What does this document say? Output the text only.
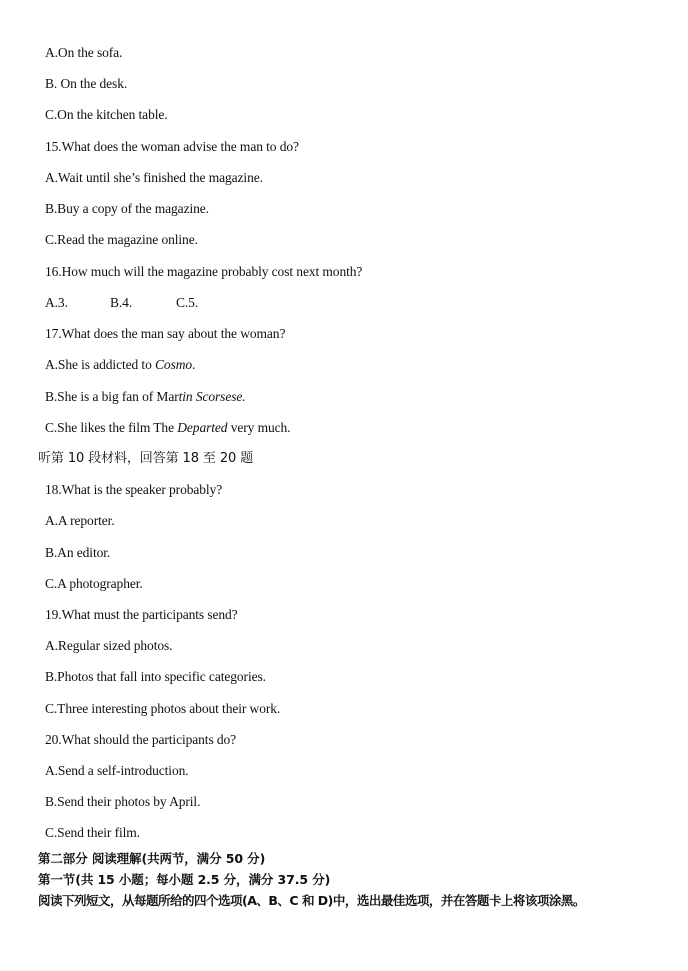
A.On the sofa.
B. On the desk.
C.On the kitchen table.
15.What does the woman advise the man to do?
A.Wait until she’s finished the magazine.
B.Buy a copy of the magazine.
C.Read the magazine online.
16.How much will the magazine probably cost next month?
A.3.	B.4.	C.5.
17.What does the man say about the woman?
A.She is addicted to Cosmo.
B.She is a big fan of Martin Scorsese.
C.She likes the film The Departed very much.
听第 10 段材料，回答第 18 至 20 题
18.What is the speaker probably?
A.A reporter.
B.An editor.
C.A photographer.
19.What must the participants send?
A.Regular sized photos.
B.Photos that fall into specific categories.
C.Three interesting photos about their work.
20.What should the participants do?
A.Send a self-introduction.
B.Send their photos by April.
C.Send their film.
第二部分 阅读理解(共两节，满分 50 分)
第一节(共 15 小题；每小题 2.5 分，满分 37.5 分)
阅读下列短文，从每题所给的四个选项(A、B、C 和 D)中，选出最佳选项，并在答题卡上将该项涂黑。
